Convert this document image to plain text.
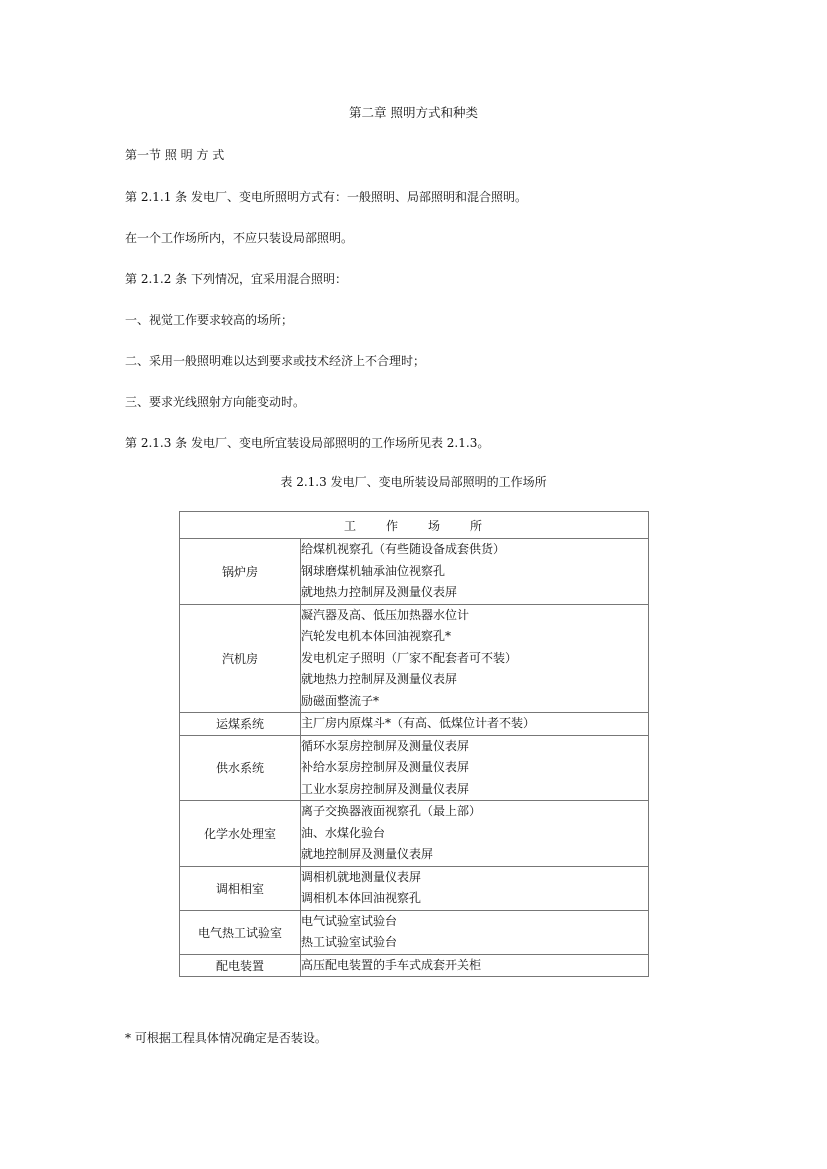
第二章 照明方式和种类
第一节 照 明 方 式
第 2.1.1 条 发电厂、变电所照明方式有：一般照明、局部照明和混合照明。
在一个工作场所内，不应只装设局部照明。
第 2.1.2 条 下列情况，宜采用混合照明：
一、视觉工作要求较高的场所；
二、采用一般照明难以达到要求或技术经济上不合理时；
三、要求光线照射方向能变动时。
第 2.1.3 条 发电厂、变电所宜装设局部照明的工作场所见表 2.1.3。
表 2.1.3 发电厂、变电所装设局部照明的工作场所
工　　作　　场　　所	
锅炉房	给煤机视察孔（有些随设备成套供货）
钢球磨煤机轴承油位视察孔
就地热力控制屏及测量仪表屏

汽机房	凝汽器及高、低压加热器水位计
汽轮发电机本体回油视察孔*
发电机定子照明（厂家不配套者可不装）
就地热力控制屏及测量仪表屏
励磁面整流子*

运煤系统	主厂房内原煤斗*（有高、低煤位计者不装）

供水系统	循环水泵房控制屏及测量仪表屏
补给水泵房控制屏及测量仪表屏
工业水泵房控制屏及测量仪表屏

化学水处理室	离子交换器液面视察孔（最上部）
油、水煤化验台
就地控制屏及测量仪表屏

调相相室	调相机就地测量仪表屏
调相机本体回油视察孔

电气热工试验室	电气试验室试验台
热工试验室试验台

配电装置	高压配电装置的手车式成套开关柜
* 可根据工程具体情况确定是否装设。
